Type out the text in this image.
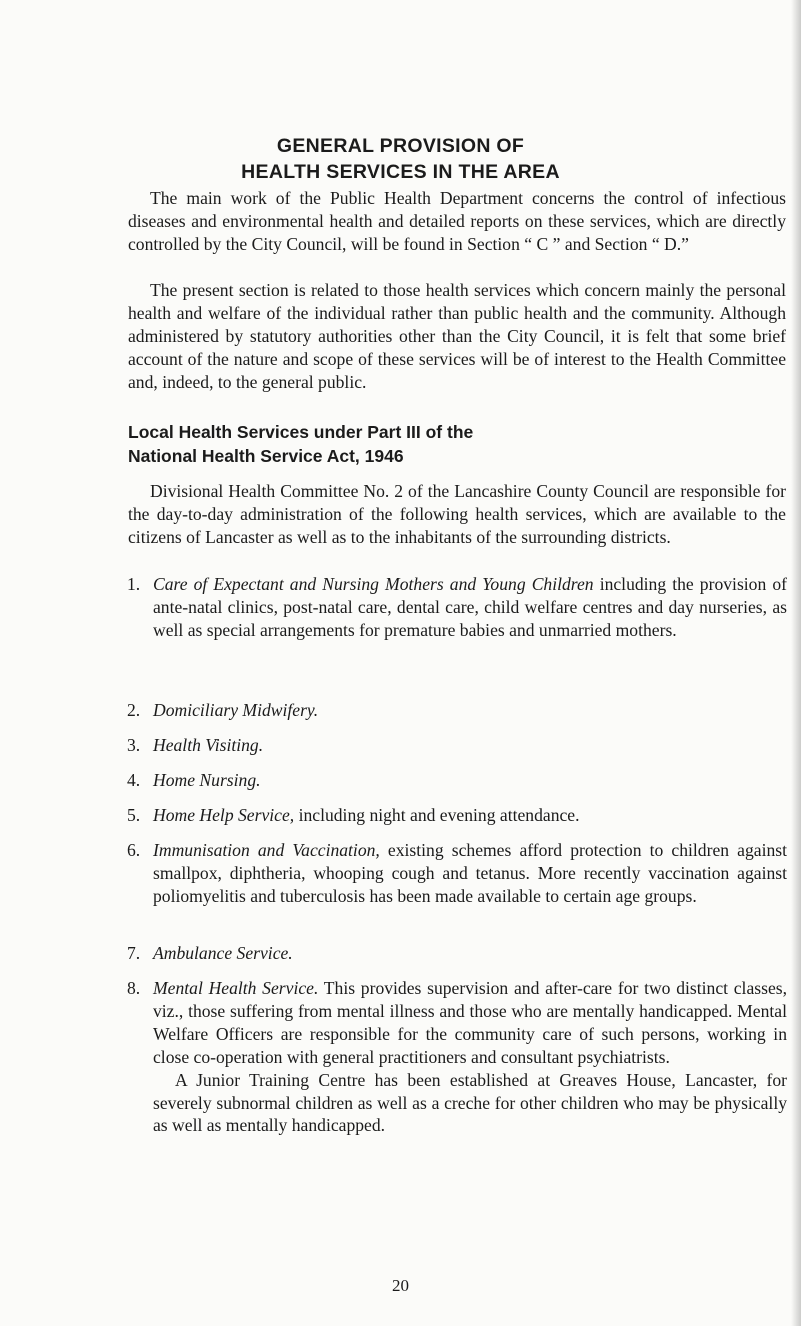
GENERAL PROVISION OF
HEALTH SERVICES IN THE AREA

The main work of the Public Health Department concerns the control of infectious diseases and environmental health and detailed reports on these services, which are directly controlled by the City Council, will be found in Section “ C ” and Section “ D.”

The present section is related to those health services which concern mainly the personal health and welfare of the individual rather than public health and the community. Although administered by statutory authorities other than the City Council, it is felt that some brief account of the nature and scope of these services will be of interest to the Health Committee and, indeed, to the general public.

Local Health Services under Part III of the
National Health Service Act, 1946

Divisional Health Committee No. 2 of the Lancashire County Council are responsible for the day-to-day administration of the following health services, which are available to the citizens of Lancaster as well as to the inhabitants of the surrounding districts.

1. Care of Expectant and Nursing Mothers and Young Children including the provision of ante-natal clinics, post-natal care, dental care, child welfare centres and day nurseries, as well as special arrangements for premature babies and unmarried mothers.

2. Domiciliary Midwifery.

3. Health Visiting.

4. Home Nursing.

5. Home Help Service, including night and evening attendance.

6. Immunisation and Vaccination, existing schemes afford protection to children against smallpox, diphtheria, whooping cough and tetanus. More recently vaccination against poliomyelitis and tuberculosis has been made available to certain age groups.

7. Ambulance Service.

8. Mental Health Service. This provides supervision and after-care for two distinct classes, viz., those suffering from mental illness and those who are mentally handicapped. Mental Welfare Officers are responsible for the community care of such persons, working in close co-operation with general practitioners and consultant psychiatrists.

A Junior Training Centre has been established at Greaves House, Lancaster, for severely subnormal children as well as a creche for other children who may be physically as well as mentally handicapped.

20
